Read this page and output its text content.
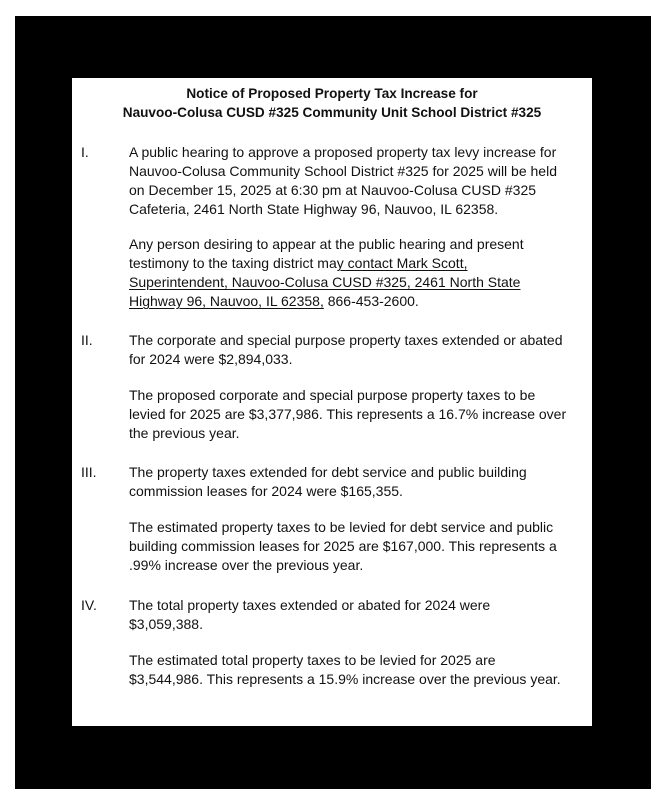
Notice of Proposed Property Tax Increase for
Nauvoo-Colusa CUSD #325 Community Unit School District #325
I.	A public hearing to approve a proposed property tax levy increase for
Nauvoo-Colusa Community School District #325 for 2025 will be held
on December 15, 2025 at 6:30 pm at Nauvoo-Colusa CUSD #325
Cafeteria, 2461 North State Highway 96, Nauvoo, IL 62358.
Any person desiring to appear at the public hearing and present
testimony to the taxing district may contact Mark Scott,
Superintendent, Nauvoo-Colusa CUSD #325, 2461 North State
Highway 96, Nauvoo, IL 62358, 866-453-2600.
II.	The corporate and special purpose property taxes extended or abated
for 2024 were $2,894,033.
The proposed corporate and special purpose property taxes to be
levied for 2025 are $3,377,986. This represents a 16.7% increase over
the previous year.
III. The property taxes extended for debt service and public building
commission leases for 2024 were $165,355.
The estimated property taxes to be levied for debt service and public
building commission leases for 2025 are $167,000. This represents a
.99% increase over the previous year.
IV. The total property taxes extended or abated for 2024 were
$3,059,388.
The estimated total property taxes to be levied for 2025 are
$3,544,986. This represents a 15.9% increase over the previous year.
